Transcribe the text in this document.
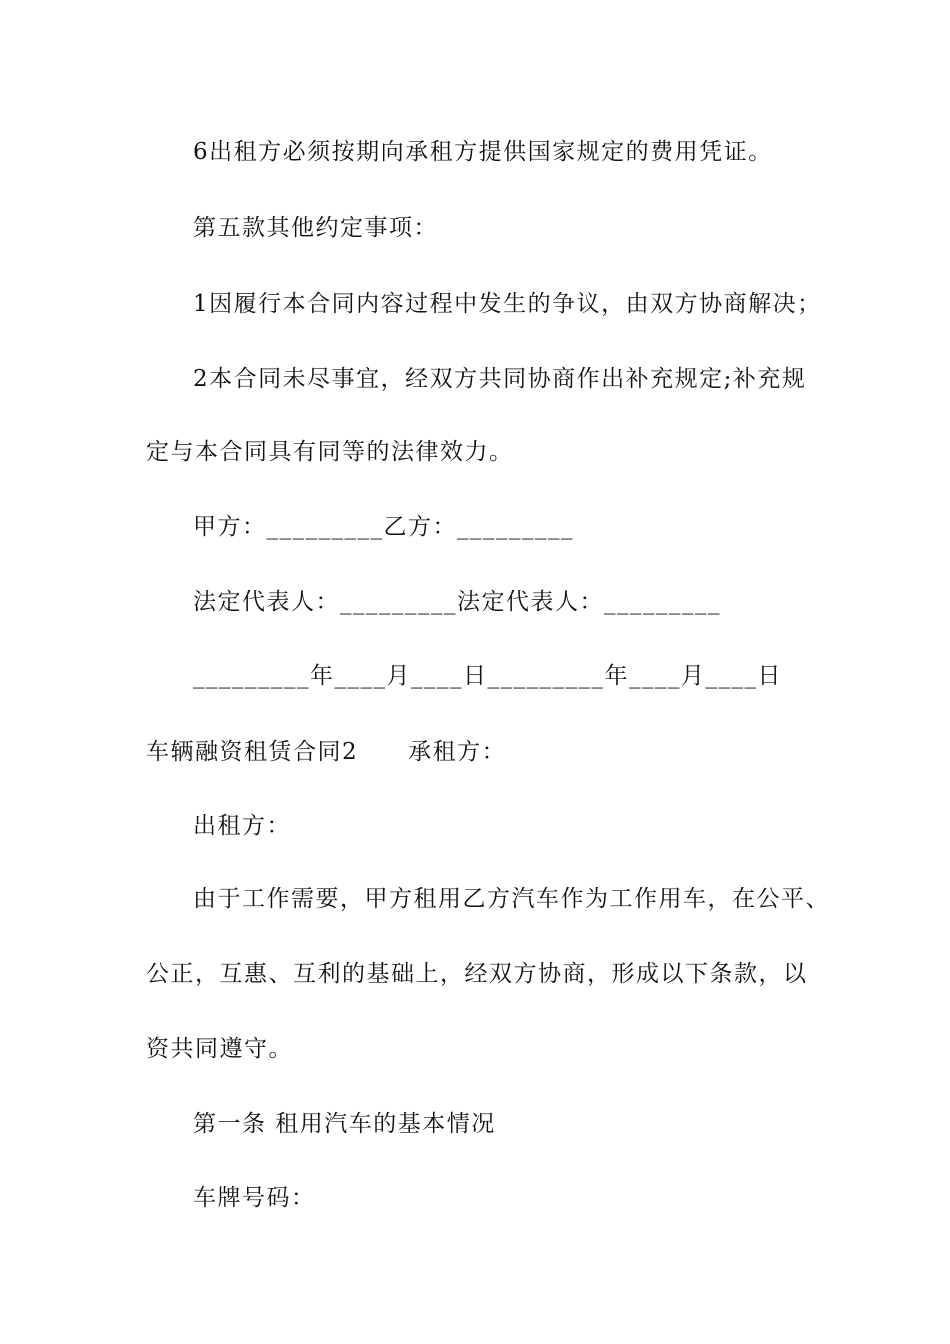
6出租方必须按期向承租方提供国家规定的费用凭证。
第五款其他约定事项：
1因履行本合同内容过程中发生的争议，由双方协商解决；
2本合同未尽事宜，经双方共同协商作出补充规定;补充规
定与本合同具有同等的法律效力。
甲方：_________乙方：_________
法定代表人：_________法定代表人：_________
_________年____月____日_________年____月____日
车辆融资租赁合同2 承租方：
出租方：
由于工作需要，甲方租用乙方汽车作为工作用车，在公平、
公正，互惠、互利的基础上，经双方协商，形成以下条款，以
资共同遵守。
第一条 租用汽车的基本情况
车牌号码：
